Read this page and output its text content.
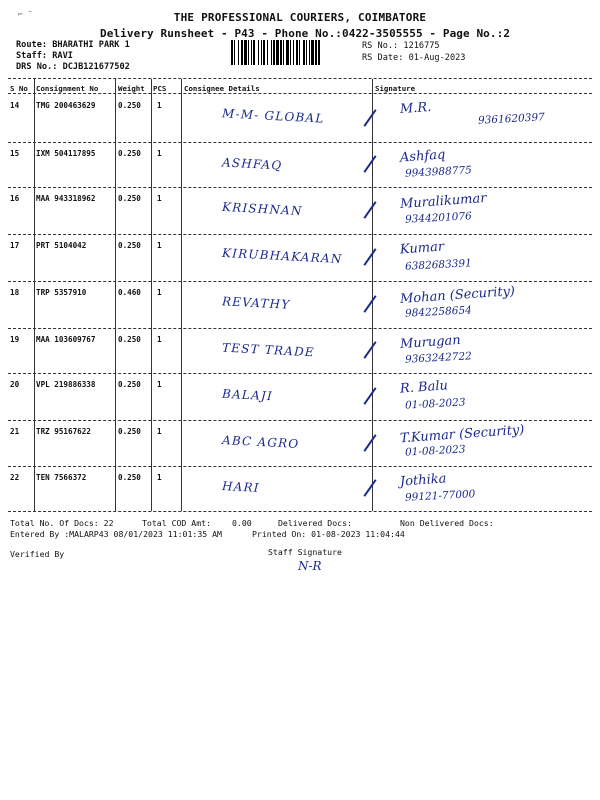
⌐ ˉ	THE PROFESSIONAL COURIERS, COIMBATORE
Delivery Runsheet - P43 - Phone No.:0422-3505555 - Page No.:2
Route: BHARATHI PARK 1
Staff: RAVI
DRS No.: DCJB121677502
RS No.: 1216775
RS Date: 01-Aug-2023
S No Consignment No	Weight PCS Consignee Details	Signature
14 TMG 200463629	0.250 1
M-M- GLOBAL	M.R.
9361620397
15 IXM 504117895	0.250 1
ASHFAQ	Ashfaq
9943988775
16 MAA 943318962	0.250 1
KRISHNAN	Muralikumar
9344201076
17 PRT 5104042	0.250 1
KIRUBHAKARAN	Kumar
6382683391
18 TRP 5357910	0.460 1
REVATHY	Mohan (Security)
9842258654
19 MAA 103609767	0.250 1
TEST TRADE	Murugan
9363242722
20 VPL 219886338	0.250 1
BALAJI	R. Balu
01-08-2023
21 TRZ 95167622	0.250 1
ABC AGRO	T.Kumar (Security)
01-08-2023
22 TEN 7566372	0.250 1
HARI	Jothika
99121-77000
Total No. Of Docs: 22	Total COD Amt:	0.00	Delivered Docs:	Non Delivered Docs:
Entered By :MALARP43 08/01/2023 11:01:35 AM	Printed On: 01-08-2023 11:04:44
Verified By	Staff Signature
N-R
